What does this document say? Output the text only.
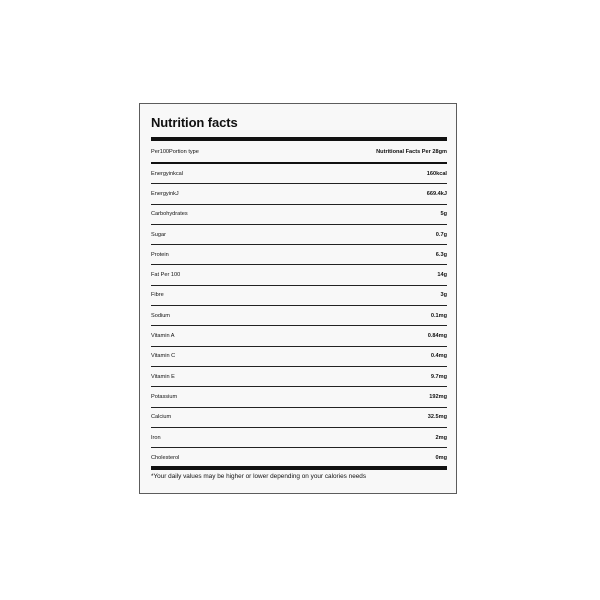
Nutrition facts
Per100Portion type	Nutritional Facts Per 28gm
Energyinkcal	160kcal
EnergyinkJ	669.4kJ
Carbohydrates	5g
Sugar	0.7g
Protein	6.3g
Fat Per 100	14g
Fibre	3g
Sodium	0.1mg
Vitamin A	0.84mg
Vitamin C	0.4mg
Vitamin E	9.7mg
Potassium	192mg
Calcium	32.5mg
Iron	2mg
Cholesterol	0mg

*Your daily values may be higher or lower depending on your calories needs
